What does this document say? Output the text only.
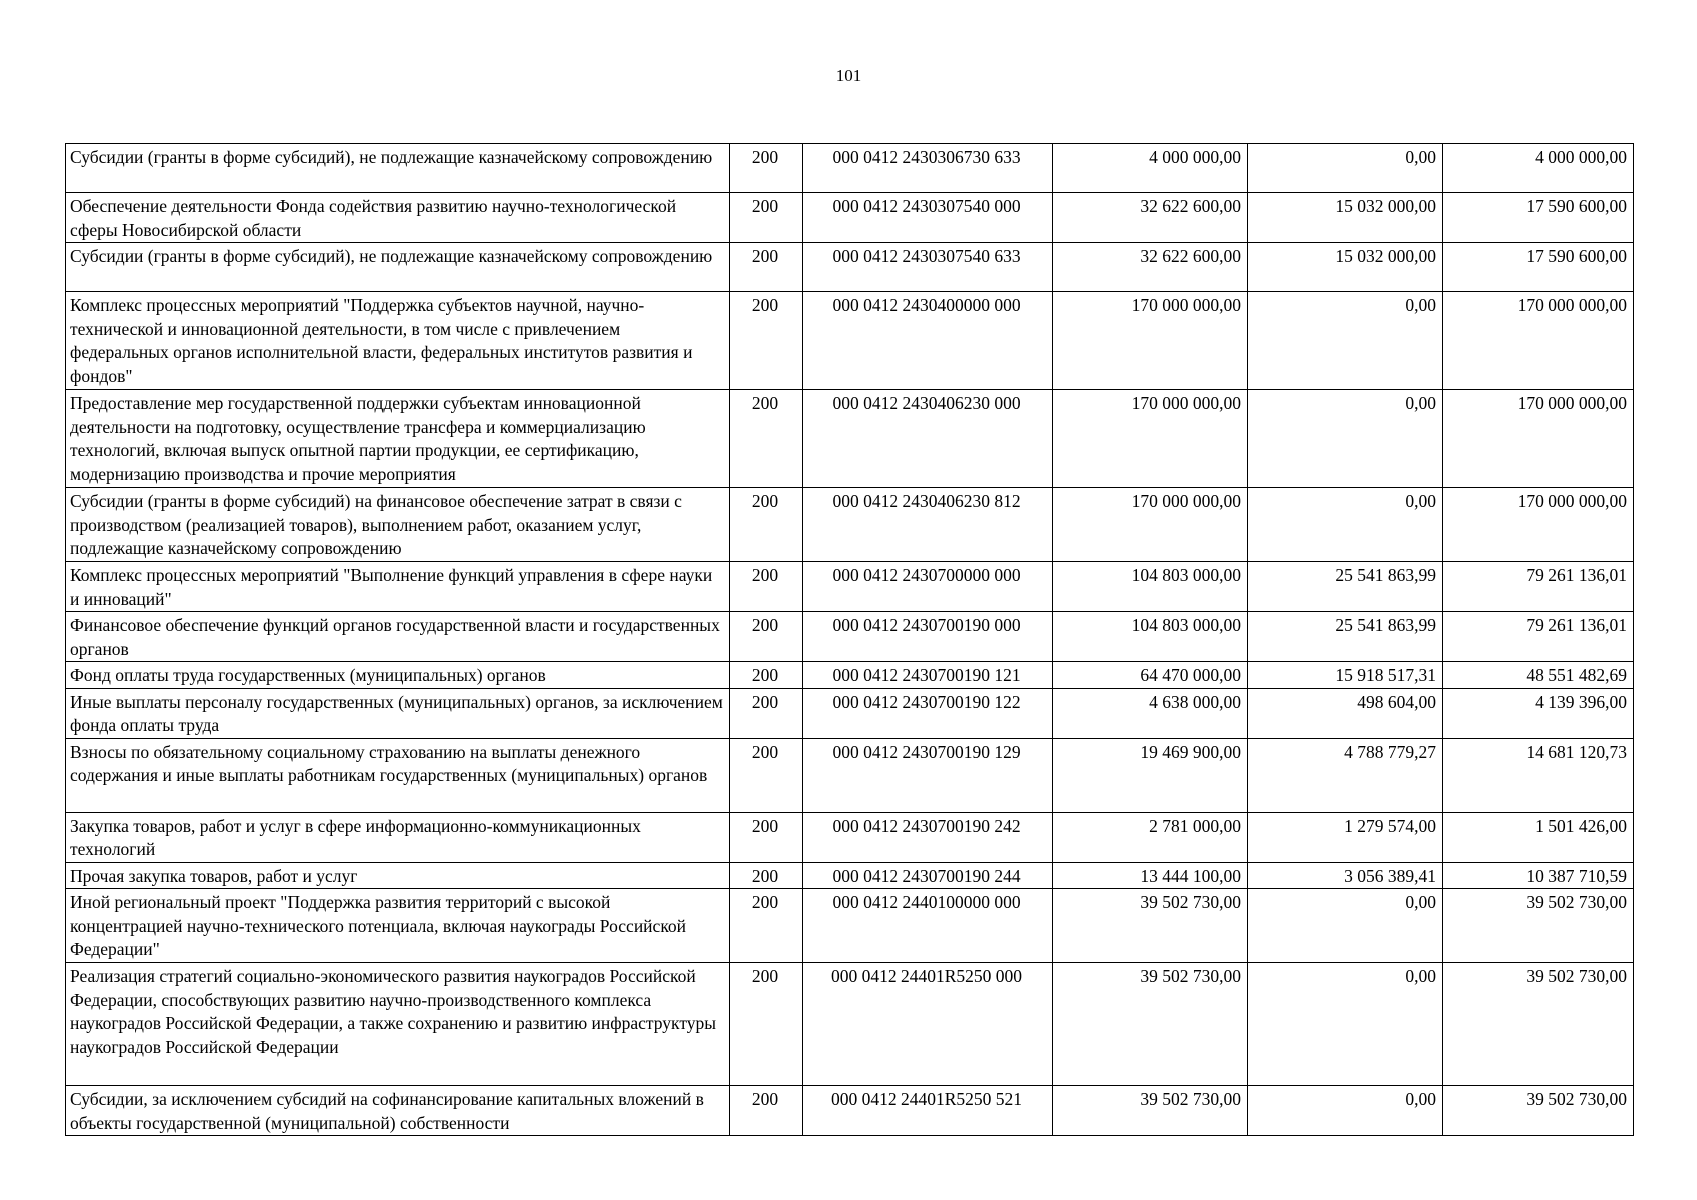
101
Субсидии (гранты в форме субсидий), не подлежащие казначейскому сопровождению	200	000 0412 2430306730 633	4 000 000,00	0,00	4 000 000,00
Обеспечение деятельности Фонда содействия развитию научно-технологической сферы Новосибирской области	200	000 0412 2430307540 000	32 622 600,00	15 032 000,00	17 590 600,00
Субсидии (гранты в форме субсидий), не подлежащие казначейскому сопровождению	200	000 0412 2430307540 633	32 622 600,00	15 032 000,00	17 590 600,00
Комплекс процессных мероприятий "Поддержка субъектов научной, научно-технической и инновационной деятельности, в том числе с привлечением федеральных органов исполнительной власти, федеральных институтов развития и фондов"	200	000 0412 2430400000 000	170 000 000,00	0,00	170 000 000,00
Предоставление мер государственной поддержки субъектам инновационной деятельности на подготовку, осуществление трансфера и коммерциализацию технологий, включая выпуск опытной партии продукции, ее сертификацию, модернизацию производства и прочие мероприятия	200	000 0412 2430406230 000	170 000 000,00	0,00	170 000 000,00
Субсидии (гранты в форме субсидий) на финансовое обеспечение затрат в связи с производством (реализацией товаров), выполнением работ, оказанием услуг, подлежащие казначейскому сопровождению	200	000 0412 2430406230 812	170 000 000,00	0,00	170 000 000,00
Комплекс процессных мероприятий "Выполнение функций управления в сфере науки и инноваций"	200	000 0412 2430700000 000	104 803 000,00	25 541 863,99	79 261 136,01
Финансовое обеспечение функций органов государственной власти и государственных органов	200	000 0412 2430700190 000	104 803 000,00	25 541 863,99	79 261 136,01
Фонд оплаты труда государственных (муниципальных) органов	200	000 0412 2430700190 121	64 470 000,00	15 918 517,31	48 551 482,69
Иные выплаты персоналу государственных (муниципальных) органов, за исключением фонда оплаты труда	200	000 0412 2430700190 122	4 638 000,00	498 604,00	4 139 396,00
Взносы по обязательному социальному страхованию на выплаты денежного содержания и иные выплаты работникам государственных (муниципальных) органов	200	000 0412 2430700190 129	19 469 900,00	4 788 779,27	14 681 120,73
Закупка товаров, работ и услуг в сфере информационно-коммуникационных технологий	200	000 0412 2430700190 242	2 781 000,00	1 279 574,00	1 501 426,00
Прочая закупка товаров, работ и услуг	200	000 0412 2430700190 244	13 444 100,00	3 056 389,41	10 387 710,59
Иной региональный проект "Поддержка развития территорий с высокой концентрацией научно-технического потенциала, включая наукограды Российской Федерации"	200	000 0412 2440100000 000	39 502 730,00	0,00	39 502 730,00
Реализация стратегий социально-экономического развития наукоградов Российской Федерации, способствующих развитию научно-производственного комплекса наукоградов Российской Федерации, а также сохранению и развитию инфраструктуры наукоградов Российской Федерации	200	000 0412 24401R5250 000	39 502 730,00	0,00	39 502 730,00
Субсидии, за исключением субсидий на софинансирование капитальных вложений в объекты государственной (муниципальной) собственности	200	000 0412 24401R5250 521	39 502 730,00	0,00	39 502 730,00
